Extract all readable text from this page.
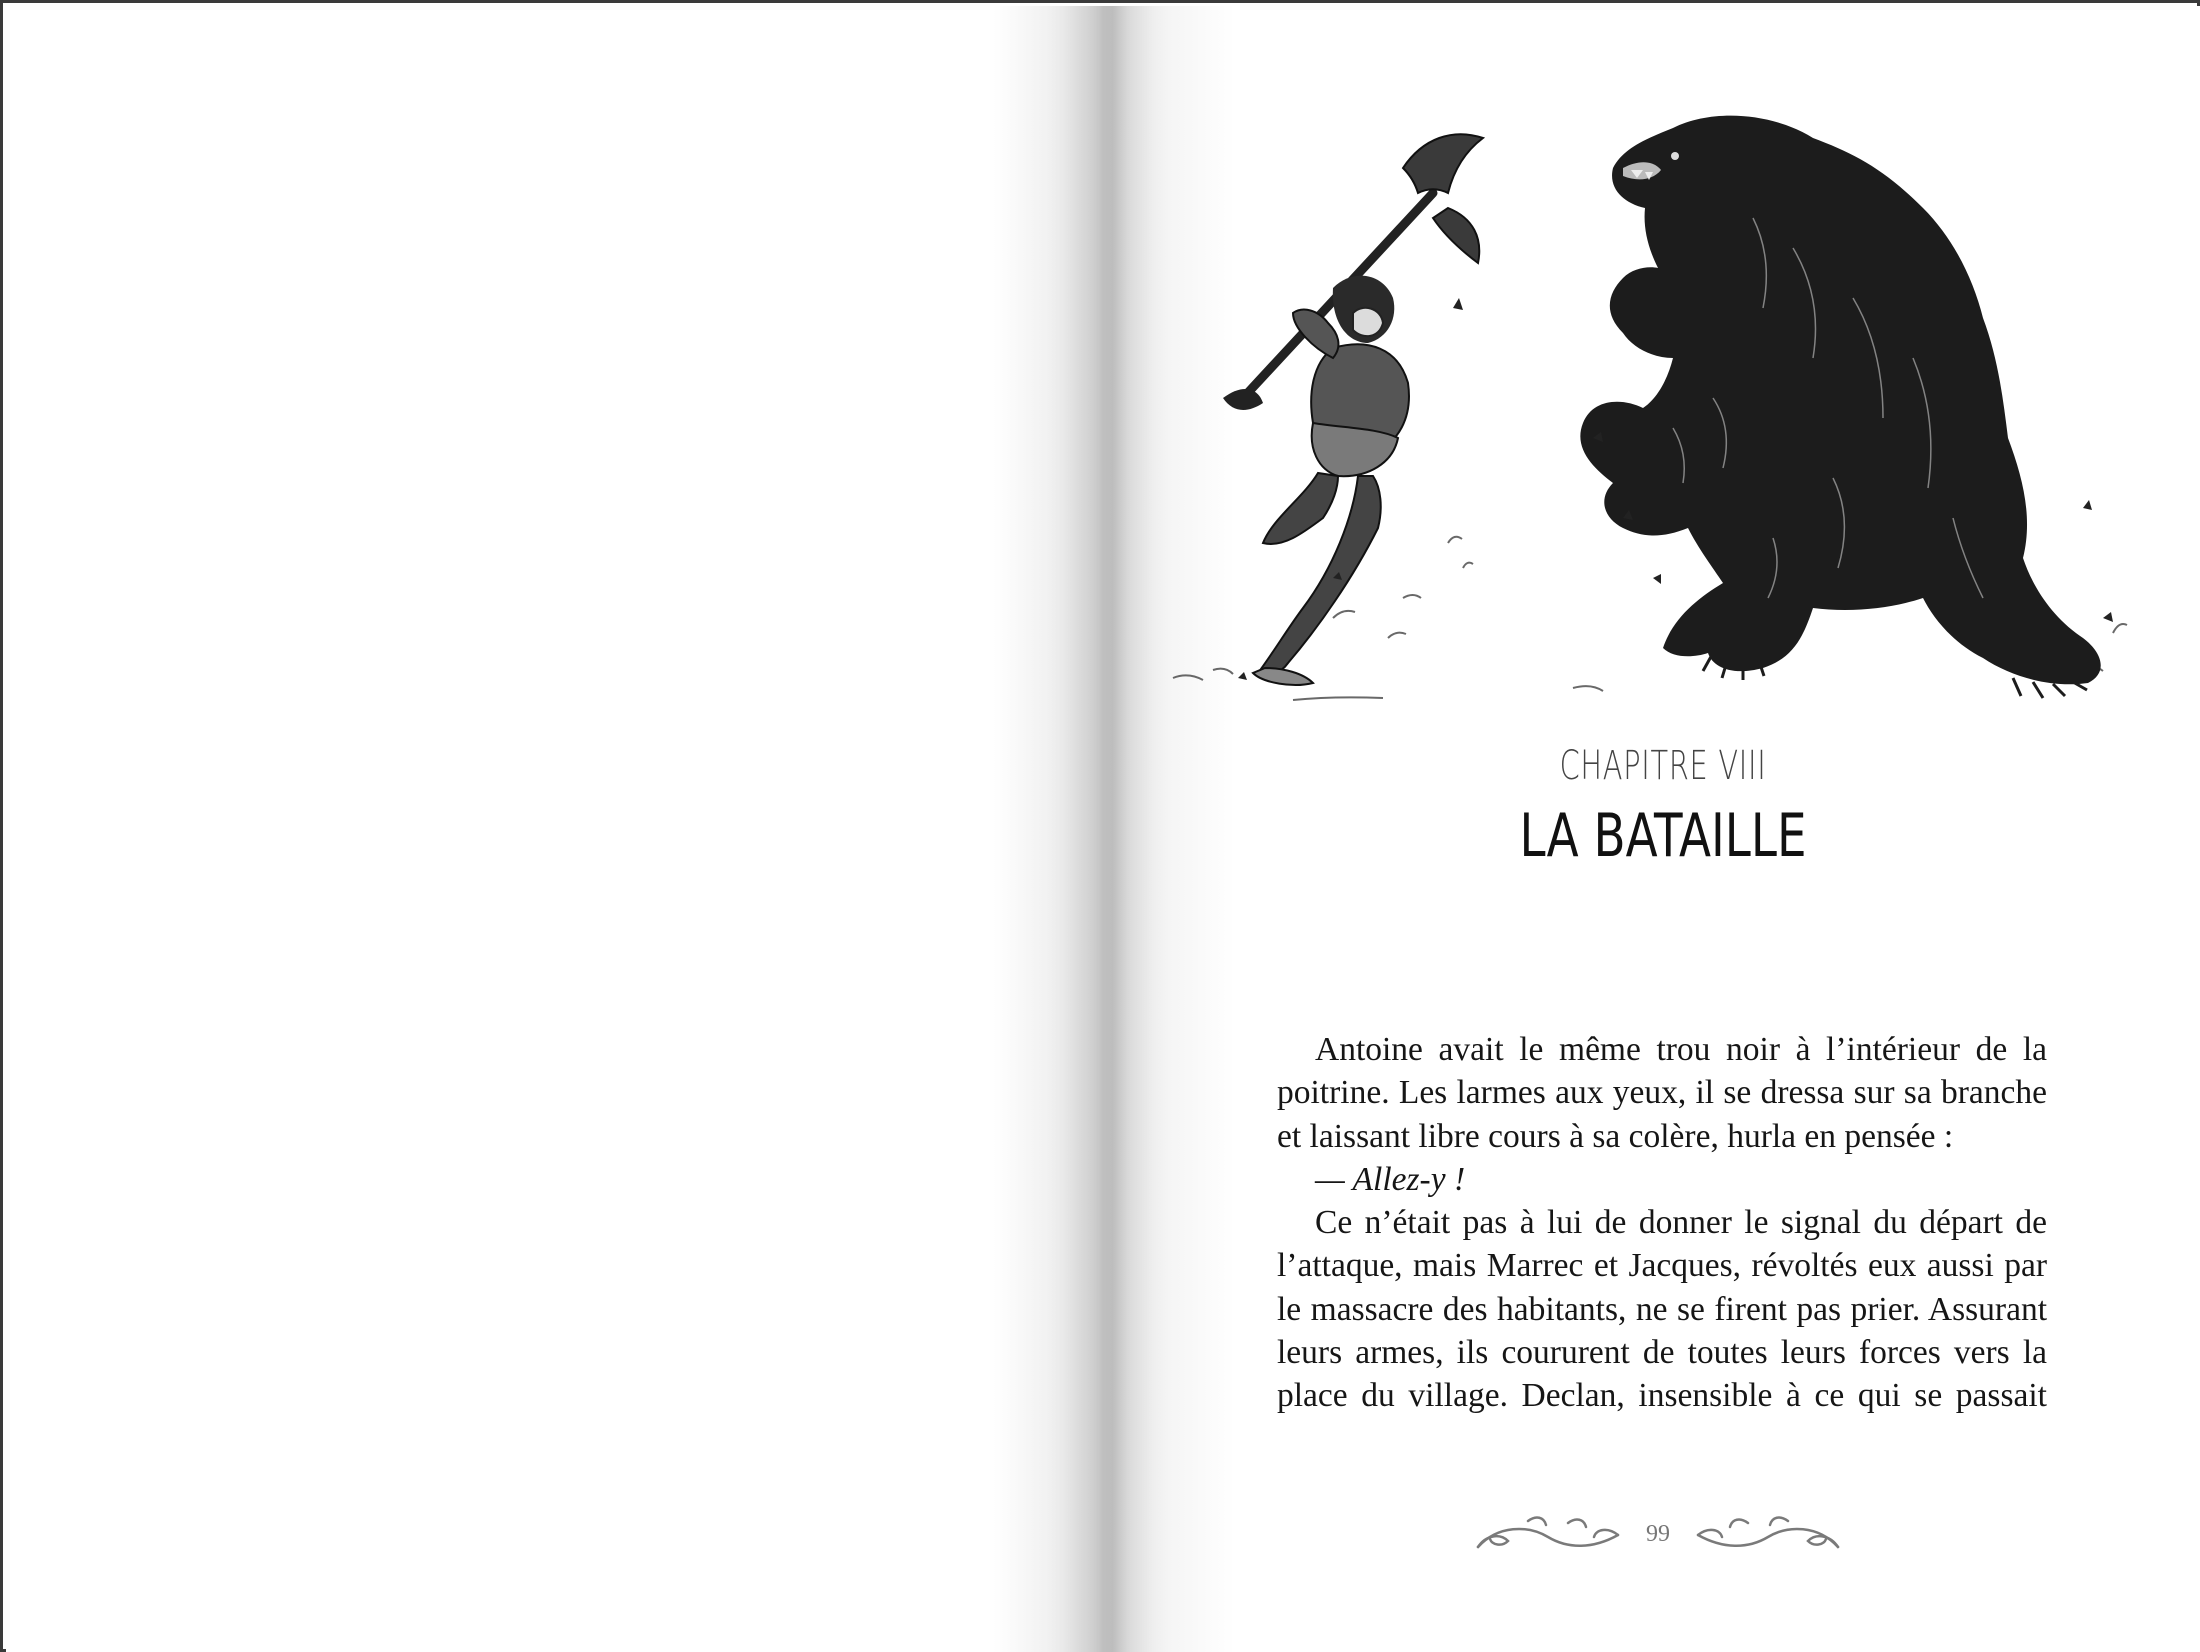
CHAPITRE VIII
LA BATAILLE

Antoine avait le même trou noir à l’intérieur de la poitrine. Les larmes aux yeux, il se dressa sur sa branche et laissant libre cours à sa colère, hurla en pensée :

— Allez-y !

Ce n’était pas à lui de donner le signal du départ de l’attaque, mais Marrec et Jacques, révoltés eux aussi par le massacre des habitants, ne se firent pas prier. Assurant leurs armes, ils coururent de toutes leurs forces vers la place du village. Declan, insensible à ce qui se passait

99
